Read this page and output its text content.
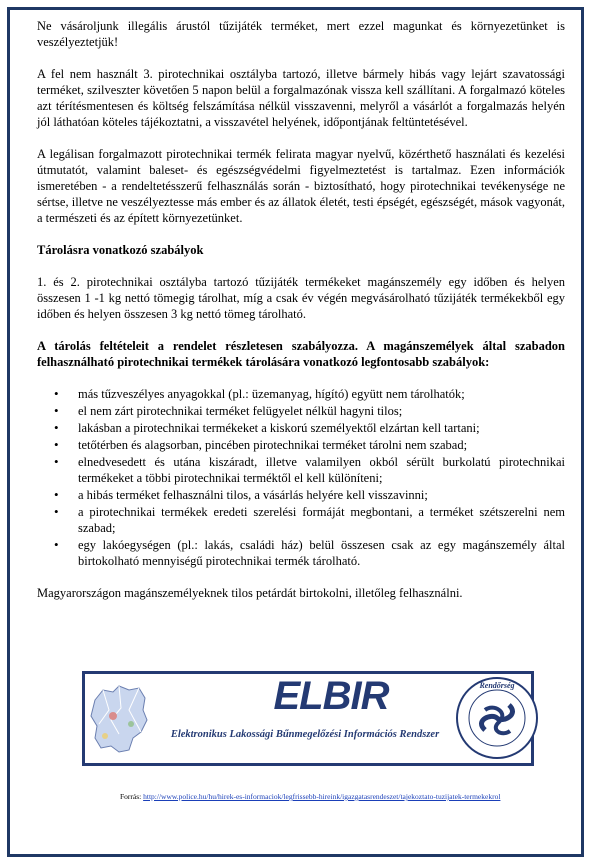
Ne vásároljunk illegális árustól tűzijáték terméket, mert ezzel magunkat és környezetünket is veszélyeztetjük!

A fel nem használt 3. pirotechnikai osztályba tartozó, illetve bármely hibás vagy lejárt szavatossági terméket, szilveszter követően 5 napon belül a forgalmazónak vissza kell szállítani. A forgalmazó köteles azt térítésmentesen és költség felszámítása nélkül visszavenni, melyről a vásárlót a forgalmazás helyén jól láthatóan köteles tájékoztatni, a visszavétel helyének, időpontjának feltüntetésével.

A legálisan forgalmazott pirotechnikai termék felirata magyar nyelvű, közérthető használati és kezelési útmutatót, valamint baleset- és egészségvédelmi figyelmeztetést is tartalmaz. Ezen információk ismeretében - a rendeltetésszerű felhasználás során - biztosítható, hogy pirotechnikai tevékenysége ne sértse, illetve ne veszélyeztesse más ember és az állatok életét, testi épségét, egészségét, mások vagyonát, a természeti és az épített környezetünket.

Tárolásra vonatkozó szabályok

1. és 2. pirotechnikai osztályba tartozó tűzijáték termékeket magánszemély egy időben és helyen összesen 1 -1 kg nettó tömegig tárolhat, míg a csak év végén megvásárolható tűzijáték termékekből egy időben és helyen összesen 3 kg nettó tömeg tárolható.

A tárolás feltételeit a rendelet részletesen szabályozza. A magánszemélyek által szabadon felhasználható pirotechnikai termékek tárolására vonatkozó legfontosabb szabályok:

• más tűzveszélyes anyagokkal (pl.: üzemanyag, hígító) együtt nem tárolhatók;
• el nem zárt pirotechnikai terméket felügyelet nélkül hagyni tilos;
• lakásban a pirotechnikai termékeket a kiskorú személyektől elzártan kell tartani;
• tetőtérben és alagsorban, pincében pirotechnikai terméket tárolni nem szabad;
• elnedvesedett és utána kiszáradt, illetve valamilyen okból sérült burkolatú pirotechnikai termékeket a többi pirotechnikai terméktől el kell különíteni;
• a hibás terméket felhasználni tilos, a vásárlás helyére kell visszavinni;
• a pirotechnikai termékek eredeti szerelési formáját megbontani, a terméket szétszerelni nem szabad;
• egy lakóegységen (pl.: lakás, családi ház) belül összesen csak az egy magánszemély által birtokolható mennyiségű pirotechnikai termék tárolható.

Magyarországon magánszemélyeknek tilos petárdát birtokolni, illetőleg felhasználni.

ELBIR
Elektronikus Lakossági Bűnmegelőzési Információs Rendszer
Rendőrség
Forrás: http://www.police.hu/hu/hirek-es-informaciok/legfrissebb-hireink/igazgatasrendeszet/tajekoztato-tuzijatek-termekekrol
